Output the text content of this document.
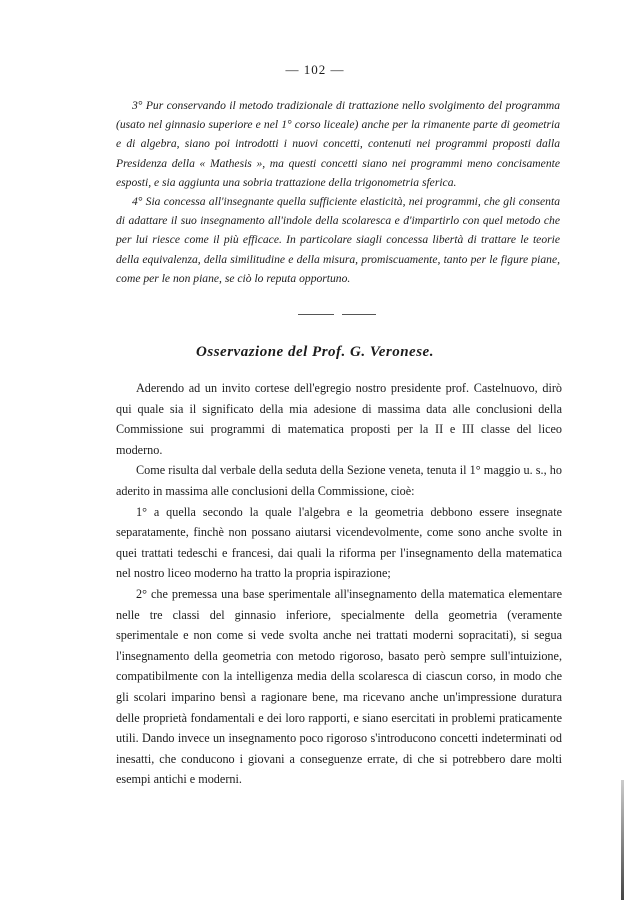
— 102 —

3° Pur conservando il metodo tradizionale di trattazione nello svolgimento del programma (usato nel ginnasio superiore e nel 1° corso liceale) anche per la rimanente parte di geometria e di algebra, siano poi introdotti i nuovi concetti, contenuti nei programmi proposti dalla Presidenza della « Mathesis », ma questi concetti siano nei programmi meno concisamente esposti, e sia aggiunta una sobria trattazione della trigonometria sferica.

4° Sia concessa all'insegnante quella sufficiente elasticità, nei programmi, che gli consenta di adattare il suo insegnamento all'indole della scolaresca e d'impartirlo con quel metodo che per lui riesce come il più efficace. In particolare siagli concessa libertà di trattare le teorie della equivalenza, della similitudine e della misura, promiscuamente, tanto per le figure piane, come per le non piane, se ciò lo reputa opportuno.

Osservazione del Prof. G. Veronese.

Aderendo ad un invito cortese dell'egregio nostro presidente prof. Castelnuovo, dirò qui quale sia il significato della mia adesione di massima data alle conclusioni della Commissione sui programmi di matematica proposti per la II e III classe del liceo moderno.

Come risulta dal verbale della seduta della Sezione veneta, tenuta il 1° maggio u. s., ho aderito in massima alle conclusioni della Commissione, cioè:

1° a quella secondo la quale l'algebra e la geometria debbono essere insegnate separatamente, finchè non possano aiutarsi vicendevolmente, come sono anche svolte in quei trattati tedeschi e francesi, dai quali la riforma per l'insegnamento della matematica nel nostro liceo moderno ha tratto la propria ispirazione;

2° che premessa una base sperimentale all'insegnamento della matematica elementare nelle tre classi del ginnasio inferiore, specialmente della geometria (veramente sperimentale e non come si vede svolta anche nei trattati moderni sopracitati), si segua l'insegnamento della geometria con metodo rigoroso, basato però sempre sull'intuizione, compatibilmente con la intelligenza media della scolaresca di ciascun corso, in modo che gli scolari imparino bensì a ragionare bene, ma ricevano anche un'impressione duratura delle proprietà fondamentali e dei loro rapporti, e siano esercitati in problemi praticamente utili. Dando invece un insegnamento poco rigoroso s'introducono concetti indeterminati od inesatti, che conducono i giovani a conseguenze errate, di che si potrebbero dare molti esempi antichi e moderni.
